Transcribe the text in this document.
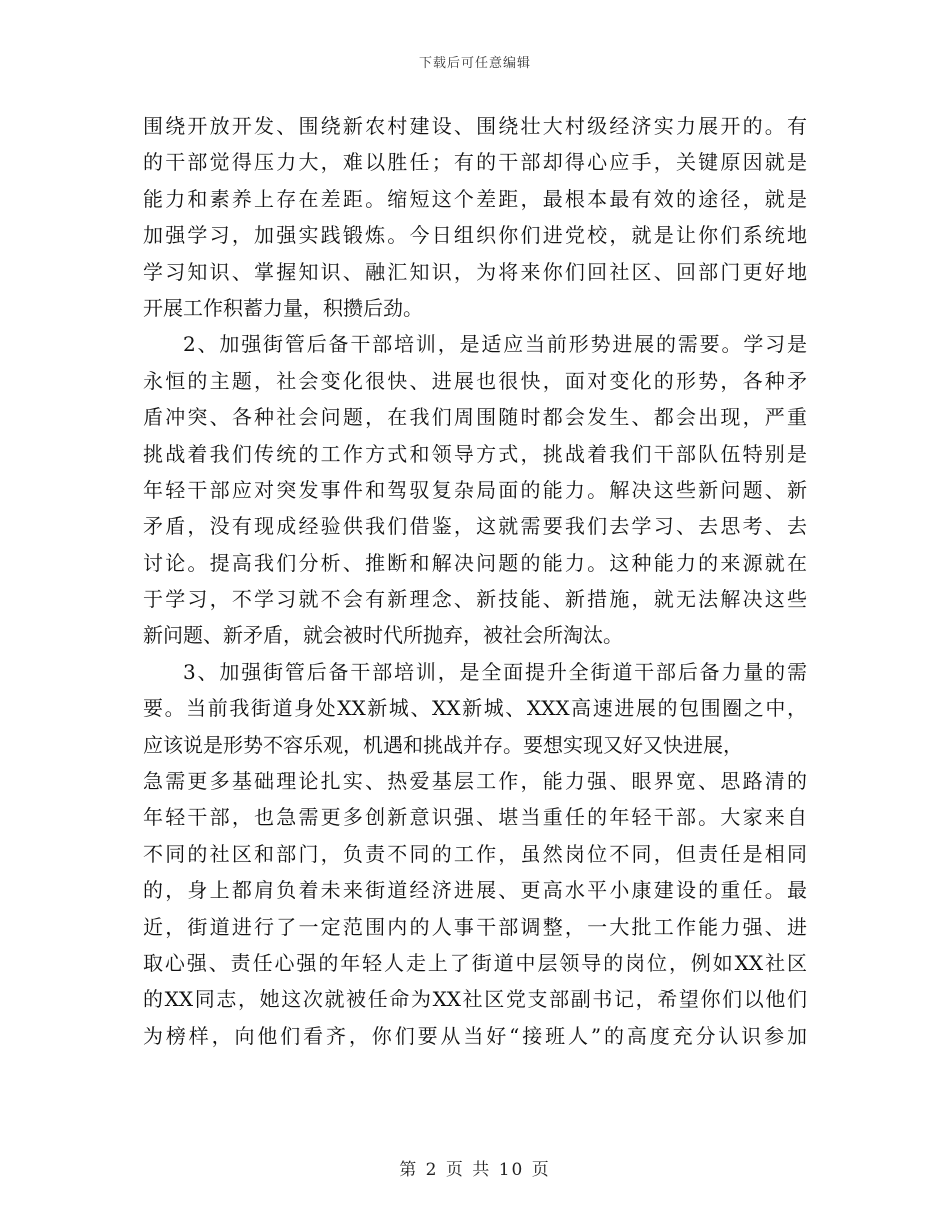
下载后可任意编辑
围绕开放开发、围绕新农村建设、围绕壮大村级经济实力展开的。有
的干部觉得压力大，难以胜任；有的干部却得心应手，关键原因就是
能力和素养上存在差距。缩短这个差距，最根本最有效的途径，就是
加强学习，加强实践锻炼。今日组织你们进党校，就是让你们系统地
学习知识、掌握知识、融汇知识，为将来你们回社区、回部门更好地
开展工作积蓄力量，积攒后劲。
2、加强街管后备干部培训，是适应当前形势进展的需要。学习是
永恒的主题，社会变化很快、进展也很快，面对变化的形势，各种矛
盾冲突、各种社会问题，在我们周围随时都会发生、都会出现，严重
挑战着我们传统的工作方式和领导方式，挑战着我们干部队伍特别是
年轻干部应对突发事件和驾驭复杂局面的能力。解决这些新问题、新
矛盾，没有现成经验供我们借鉴，这就需要我们去学习、去思考、去
讨论。提高我们分析、推断和解决问题的能力。这种能力的来源就在
于学习，不学习就不会有新理念、新技能、新措施，就无法解决这些
新问题、新矛盾，就会被时代所抛弃，被社会所淘汰。
3、加强街管后备干部培训，是全面提升全街道干部后备力量的需
要。当前我街道身处XX新城、XX新城、XXX高速进展的包围圈之中，
应该说是形势不容乐观，机遇和挑战并存。要想实现又好又快进展，
急需更多基础理论扎实、热爱基层工作，能力强、眼界宽、思路清的
年轻干部，也急需更多创新意识强、堪当重任的年轻干部。大家来自
不同的社区和部门，负责不同的工作，虽然岗位不同，但责任是相同
的，身上都肩负着未来街道经济进展、更高水平小康建设的重任。最
近，街道进行了一定范围内的人事干部调整，一大批工作能力强、进
取心强、责任心强的年轻人走上了街道中层领导的岗位，例如XX社区
的XX同志，她这次就被任命为XX社区党支部副书记，希望你们以他们
为榜样，向他们看齐，你们要从当好“接班人”的高度充分认识参加
第 2 页 共 10 页
